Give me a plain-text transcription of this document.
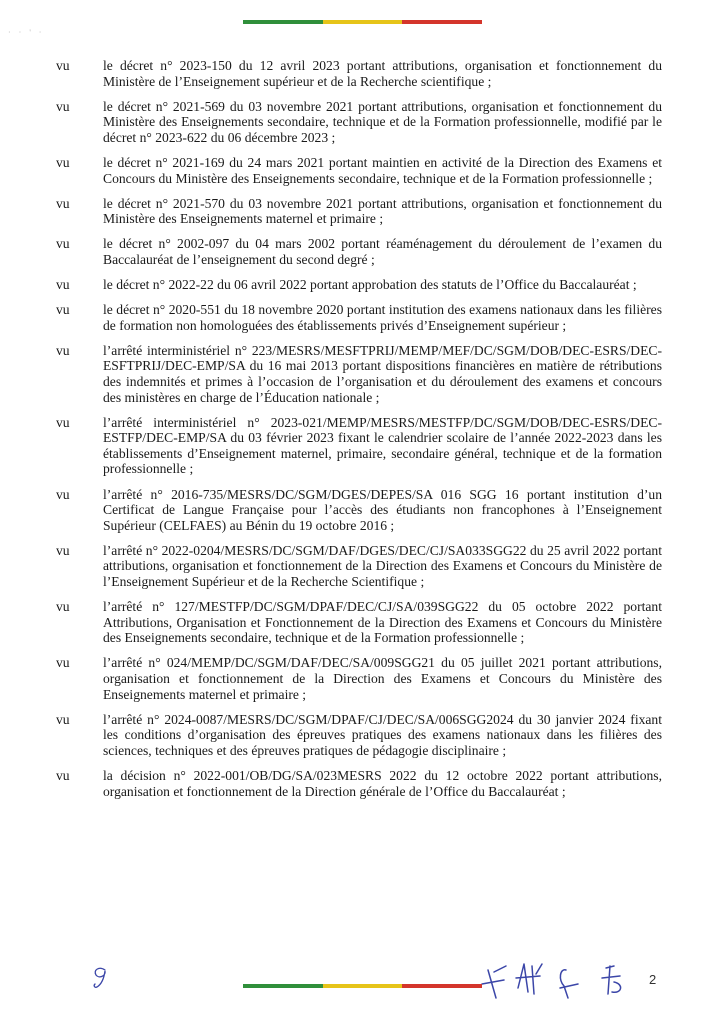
· · ' ·
vu	le décret n° 2023-150 du 12 avril 2023 portant attributions, organisation et fonctionnement du Ministère de l’Enseignement supérieur et de la Recherche scientifique ;
vu	le décret n° 2021-569 du 03 novembre 2021 portant attributions, organisation et fonctionnement du Ministère des Enseignements secondaire, technique et de la Formation professionnelle, modifié par le décret n° 2023-622 du 06 décembre 2023 ;
vu	le décret n° 2021-169 du 24 mars 2021 portant maintien en activité de la Direction des Examens et Concours du Ministère des Enseignements secondaire, technique et de la Formation professionnelle ;
vu	le décret n° 2021-570 du 03 novembre 2021 portant attributions, organisation et fonctionnement du Ministère des Enseignements maternel et primaire ;
vu	le décret n° 2002-097 du 04 mars 2002 portant réaménagement du déroulement de l’examen du Baccalauréat de l’enseignement du second degré ;
vu	le décret n° 2022-22 du 06 avril 2022 portant approbation des statuts de l’Office du Baccalauréat ;
vu	le décret n° 2020-551 du 18 novembre 2020 portant institution des examens nationaux dans les filières de formation non homologuées des établissements privés d’Enseignement supérieur ;
vu	l’arrêté interministériel n° 223/MESRS/MESFTPRIJ/MEMP/MEF/DC/SGM/DOB/DEC-ESRS/DEC-ESFTPRIJ/DEC-EMP/SA du 16 mai 2013 portant dispositions financières en matière de rétributions des indemnités et primes à l’occasion de l’organisation et du déroulement des examens et concours des ministères en charge de l’Éducation nationale ;
vu	l’arrêté interministériel n° 2023-021/MEMP/MESRS/MESTFP/DC/SGM/DOB/DEC-ESRS/DEC-ESTFP/DEC-EMP/SA du 03 février 2023 fixant le calendrier scolaire de l’année 2022-2023 dans les établissements d’Enseignement maternel, primaire, secondaire général, technique et de la formation professionnelle ;
vu	l’arrêté n° 2016-735/MESRS/DC/SGM/DGES/DEPES/SA 016 SGG 16 portant institution d’un Certificat de Langue Française pour l’accès des étudiants non francophones à l’Enseignement Supérieur (CELFAES) au Bénin du 19 octobre 2016 ;
vu	l’arrêté n° 2022-0204/MESRS/DC/SGM/DAF/DGES/DEC/CJ/SA033SGG22 du 25 avril 2022 portant attributions, organisation et fonctionnement de la Direction des Examens et Concours du Ministère de l’Enseignement Supérieur et de la Recherche Scientifique ;
vu	l’arrêté n° 127/MESTFP/DC/SGM/DPAF/DEC/CJ/SA/039SGG22 du 05 octobre 2022 portant Attributions, Organisation et Fonctionnement de la Direction des Examens et Concours du Ministère des Enseignements secondaire, technique et de la Formation professionnelle ;
vu	l’arrêté n° 024/MEMP/DC/SGM/DAF/DEC/SA/009SGG21 du 05 juillet 2021 portant attributions, organisation et fonctionnement de la Direction des Examens et Concours du Ministère des Enseignements maternel et primaire ;
vu	l’arrêté n° 2024-0087/MESRS/DC/SGM/DPAF/CJ/DEC/SA/006SGG2024 du 30 janvier 2024 fixant les conditions d’organisation des épreuves pratiques des examens nationaux dans les filières des sciences, techniques et des épreuves pratiques de pédagogie disciplinaire ;
vu	la décision n° 2022-001/OB/DG/SA/023MESRS 2022 du 12 octobre 2022 portant attributions, organisation et fonctionnement de la Direction générale de l’Office du Baccalauréat ;
2
